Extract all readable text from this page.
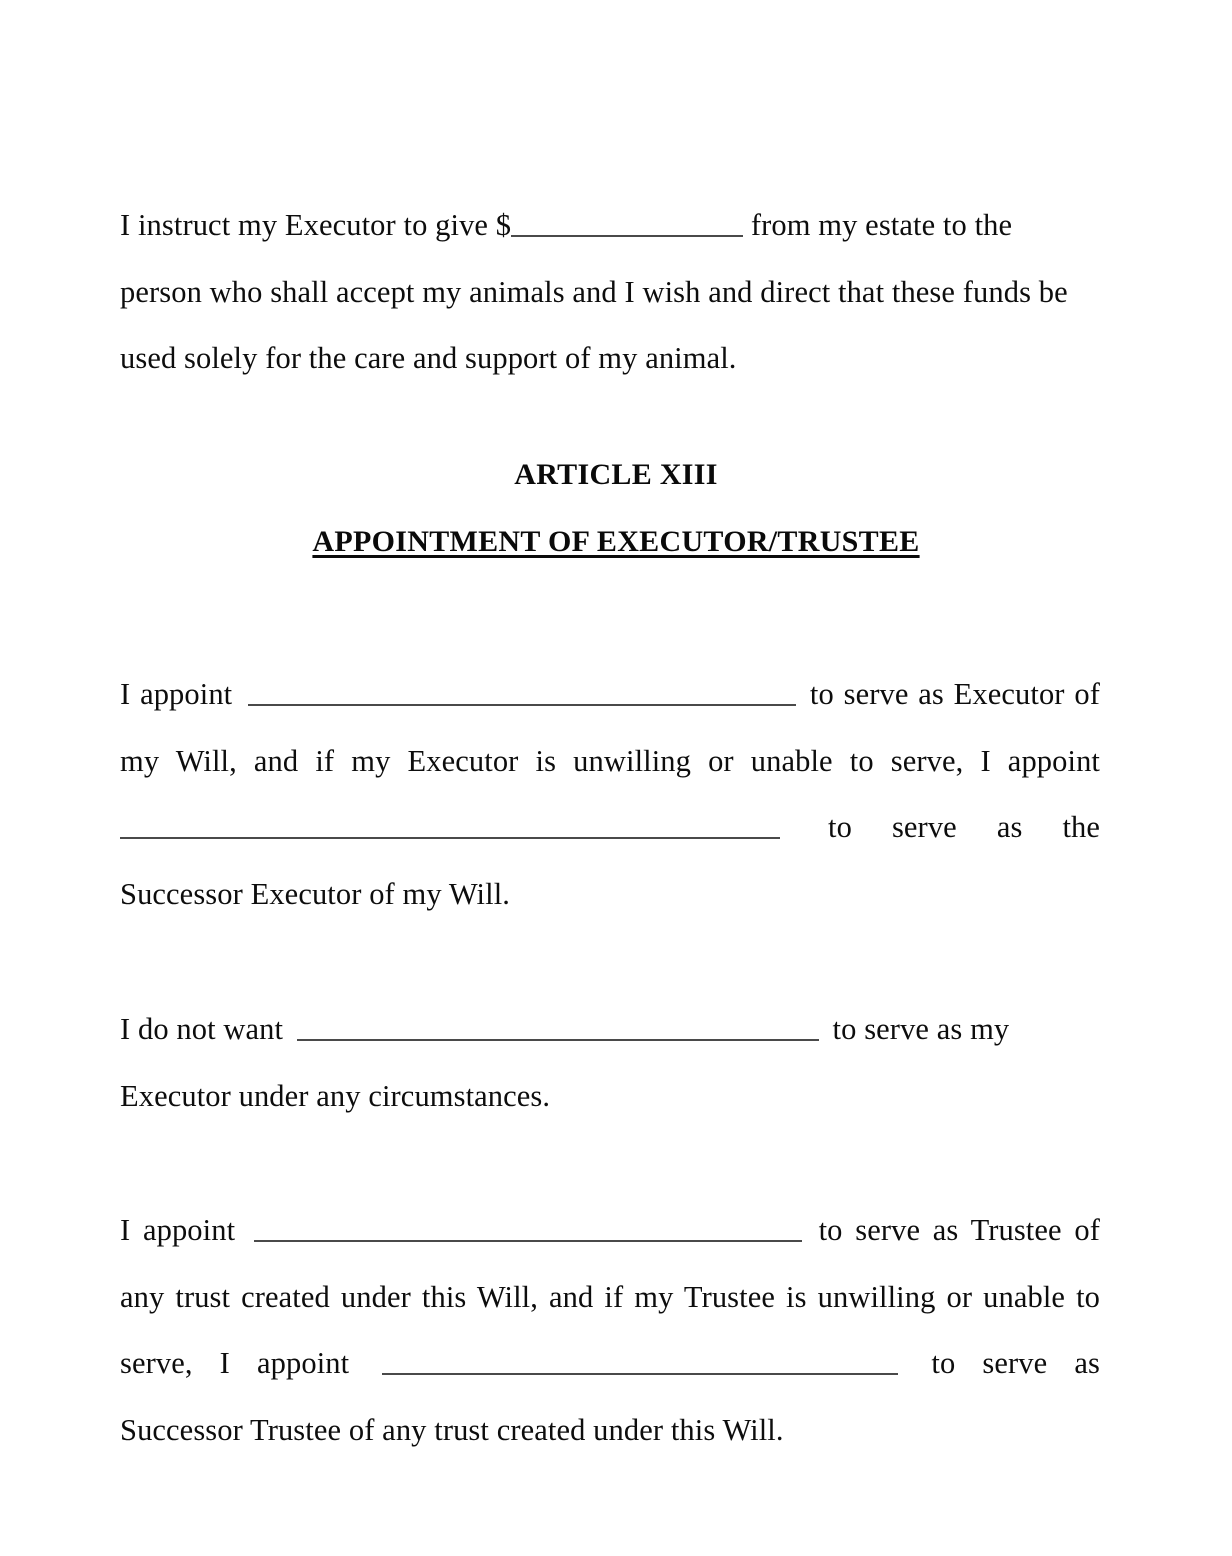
I instruct my Executor to give $	from my estate to the person who shall accept my animals and I wish and direct that these funds be used solely for the care and support of my animal.

I appoint	to serve as Executor of my Will, and if my Executor is unwilling or unable to serve, I appoint  to serve as the Successor Executor of my Will.

I do not want	to serve as my Executor under any circumstances.

I appoint	to serve as Trustee of any trust created under this Will, and if my Trustee is unwilling or unable to serve, I appoint	to serve as Successor Trustee of any trust created under this Will.

ARTICLE XIII
APPOINTMENT OF EXECUTOR/TRUSTEE
